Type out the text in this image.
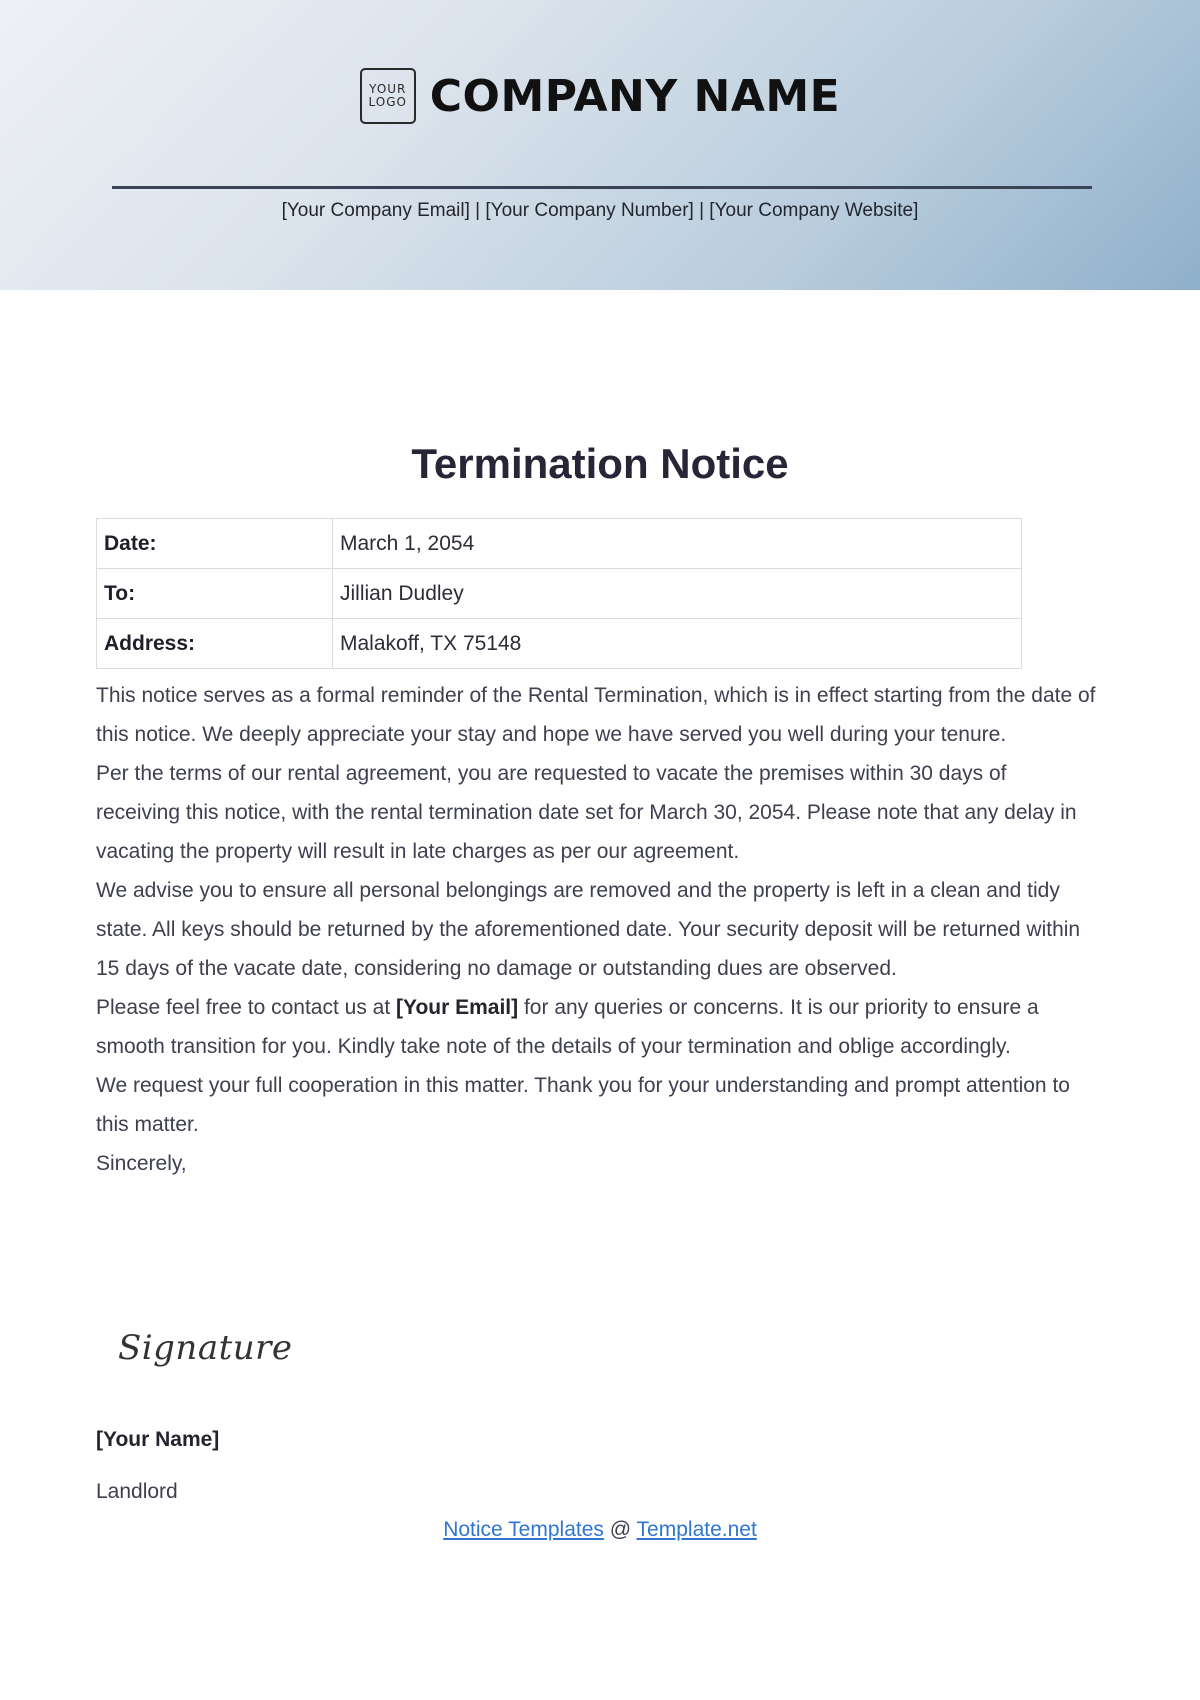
YOUR
LOGO COMPANY NAME
[Your Company Email] | [Your Company Number] | [Your Company Website]
Termination Notice
Date:	March 1, 2054
To:	Jillian Dudley
Address:	Malakoff, TX 75148

This notice serves as a formal reminder of the Rental Termination, which is in effect starting from the date of this notice. We deeply appreciate your stay and hope we have served you well during your tenure.

Per the terms of our rental agreement, you are requested to vacate the premises within 30 days of receiving this notice, with the rental termination date set for March 30, 2054. Please note that any delay in vacating the property will result in late charges as per our agreement.

We advise you to ensure all personal belongings are removed and the property is left in a clean and tidy state. All keys should be returned by the aforementioned date. Your security deposit will be returned within 15 days of the vacate date, considering no damage or outstanding dues are observed.

Please feel free to contact us at [Your Email] for any queries or concerns. It is our priority to ensure a smooth transition for you. Kindly take note of the details of your termination and oblige accordingly.

We request your full cooperation in this matter. Thank you for your understanding and prompt attention to this matter.

Sincerely,

Signature
[Your Name]
Landlord
Notice Templates @ Template.net
